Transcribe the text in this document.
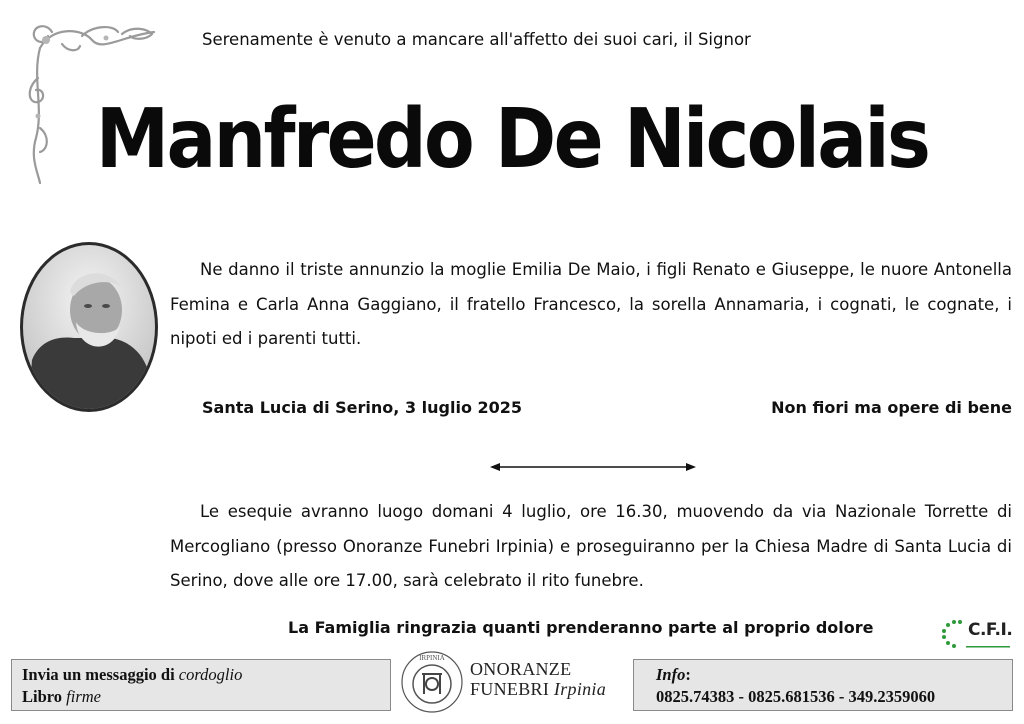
Serenamente è venuto a mancare all'affetto dei suoi cari, il Signor
Manfredo De Nicolais
Ne danno il triste annunzio la moglie Emilia De Maio, i figli Renato e Giuseppe, le nuore Antonella Femina e Carla Anna Gaggiano, il fratello Francesco, la sorella Annamaria, i cognati, le cognate, i nipoti ed i parenti tutti.
Santa Lucia di Serino, 3 luglio 2025	Non fiori ma opere di bene
Le esequie avranno luogo domani 4 luglio, ore 16.30, muovendo da via Nazionale Torrette di Mercogliano (presso Onoranze Funebri Irpinia) e proseguiranno per la Chiesa Madre di Santa Lucia di Serino, dove alle ore 17.00, sarà celebrato il rito funebre.
La Famiglia ringrazia quanti prenderanno parte al proprio dolore	C.F.I.
Invia un messaggio di cordoglio
Libro firme
IRPINIA
ONORANZE
FUNEBRI Irpinia
Info:
0825.74383 - 0825.681536 - 349.2359060
